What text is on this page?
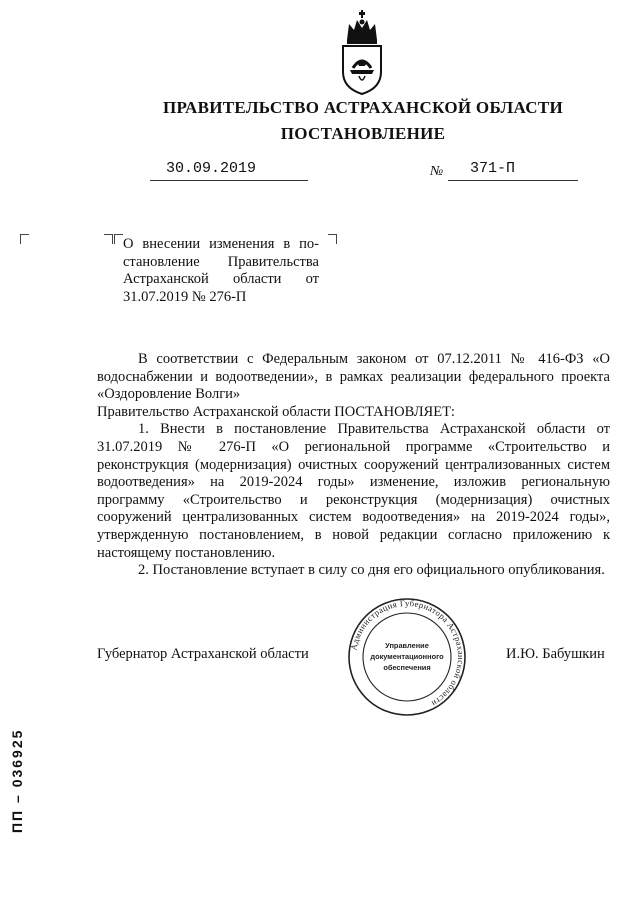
ПРАВИТЕЛЬСТВО АСТРАХАНСКОЙ ОБЛАСТИ
ПОСТАНОВЛЕНИЕ
30.09.2019	№ 371-П
О внесении изменения в по-
становление Правительства
Астраханской области от
31.07.2019 № 276-П

В соответствии с Федеральным законом от 07.12.2011 № 416-ФЗ «О водоснабжении и водоотведении», в рамках реализации федерального проекта «Оздоровление Волги»

Правительство Астраханской области ПОСТАНОВЛЯЕТ:

1. Внести в постановление Правительства Астраханской области от 31.07.2019 № 276-П «О региональной программе «Строительство и реконструкция (модернизация) очистных сооружений централизованных систем водоотведения» на 2019-2024 годы» изменение, изложив региональную программу «Строительство и реконструкция (модернизация) очистных сооружений централизованных систем водоотведения» на 2019-2024 годы», утвержденную постановлением, в новой редакции согласно приложению к настоящему постановлению.

2. Постановление вступает в силу со дня его официального опубликования.

Губернатор Астраханской области	И.Ю. Бабушкин
Администрация Губернатора Астраханской области
Управление
документационного
обеспечения
ПП – 036925
